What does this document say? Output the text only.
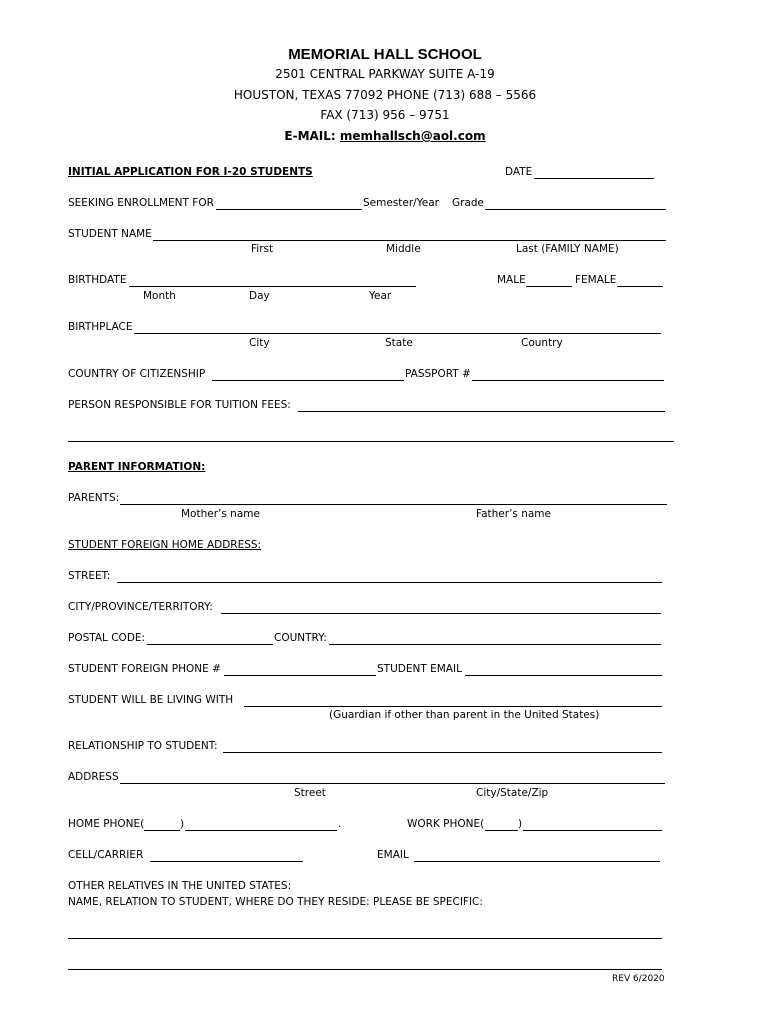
MEMORIAL HALL SCHOOL
2501 CENTRAL PARKWAY SUITE A-19
HOUSTON, TEXAS 77092 PHONE (713) 688 – 5566
FAX (713) 956 – 9751
E-MAIL: memhallsch@aol.com
INITIAL APPLICATION FOR I-20 STUDENTS	DATE
SEEKING ENROLLMENT FOR	Semester/Year Grade
STUDENT NAME
First	Middle	Last (FAMILY NAME)
BIRTHDATE
Month	Day	Year
MALE	FEMALE
BIRTHPLACE
City	State	Country
COUNTRY OF CITIZENSHIP	PASSPORT #
PERSON RESPONSIBLE FOR TUITION FEES:
PARENT INFORMATION:
PARENTS:
Mother’s name	Father’s name
STUDENT FOREIGN HOME ADDRESS:
STREET:
CITY/PROVINCE/TERRITORY:
POSTAL CODE:	COUNTRY:
STUDENT FOREIGN PHONE #	STUDENT EMAIL
STUDENT WILL BE LIVING WITH
(Guardian if other than parent in the United States)
RELATIONSHIP TO STUDENT:
ADDRESS
Street	City/State/Zip
HOME PHONE(	)	.	WORK PHONE(	)
CELL/CARRIER	EMAIL
OTHER RELATIVES IN THE UNITED STATES:
NAME, RELATION TO STUDENT, WHERE DO THEY RESIDE: PLEASE BE SPECIFIC:
REV 6/2020
